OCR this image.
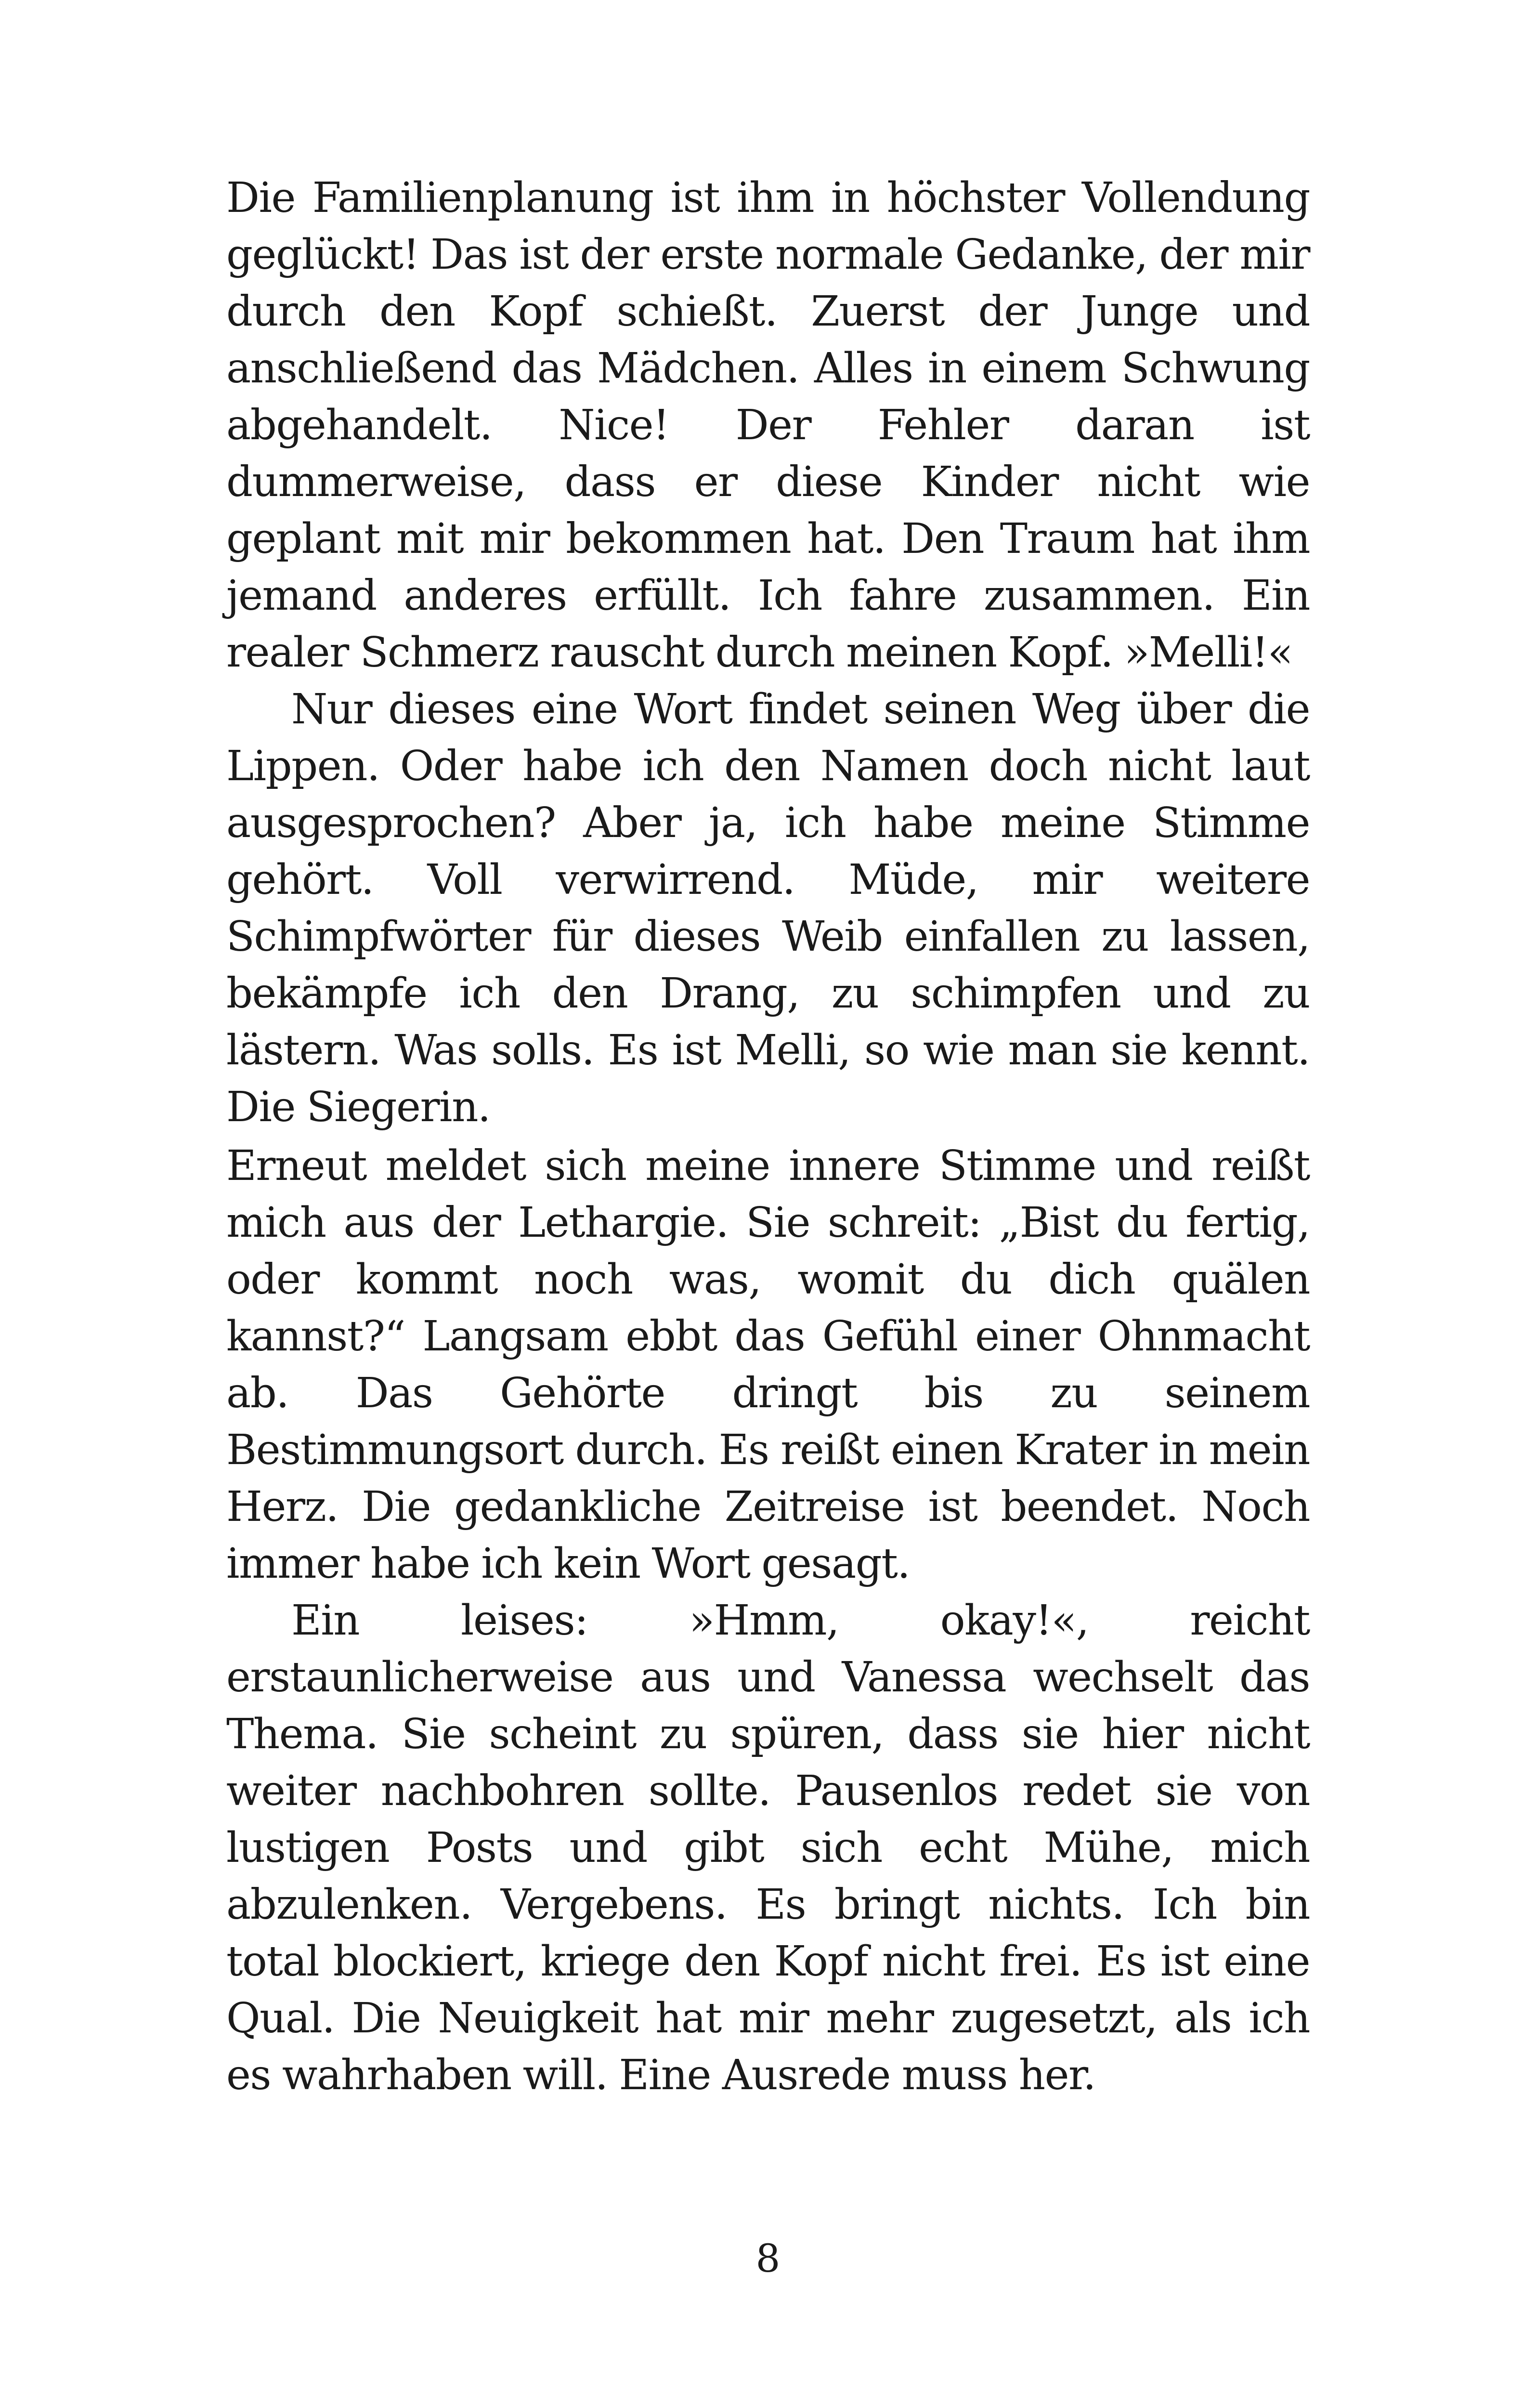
Die Familienplanung ist ihm in höchster Vollendung geglückt! Das ist der erste normale Gedanke, der mir durch den Kopf schießt. Zuerst der Junge und anschließend das Mädchen. Alles in einem Schwung abgehandelt. Nice! Der Fehler daran ist dummerweise, dass er diese Kinder nicht wie geplant mit mir bekommen hat. Den Traum hat ihm jemand anderes erfüllt. Ich fahre zusammen. Ein realer Schmerz rauscht durch meinen Kopf. »Melli!«

Nur dieses eine Wort findet seinen Weg über die Lippen. Oder habe ich den Namen doch nicht laut ausgesprochen? Aber ja, ich habe meine Stimme gehört. Voll verwirrend. Müde, mir weitere Schimpfwörter für dieses Weib einfallen zu lassen, bekämpfe ich den Drang, zu schimpfen und zu lästern. Was solls. Es ist Melli, so wie man sie kennt. Die Siegerin.

Erneut meldet sich meine innere Stimme und reißt mich aus der Lethargie. Sie schreit: „Bist du fertig, oder kommt noch was, womit du dich quälen kannst?“ Langsam ebbt das Gefühl einer Ohnmacht ab. Das Gehörte dringt bis zu seinem Bestimmungsort durch. Es reißt einen Krater in mein Herz. Die gedankliche Zeitreise ist beendet. Noch immer habe ich kein Wort gesagt.

Ein leises: »Hmm, okay!«, reicht erstaunlicherweise aus und Vanessa wechselt das Thema. Sie scheint zu spüren, dass sie hier nicht weiter nachbohren sollte. Pausenlos redet sie von lustigen Posts und gibt sich echt Mühe, mich abzulenken. Vergebens. Es bringt nichts. Ich bin total blockiert, kriege den Kopf nicht frei. Es ist eine Qual. Die Neuigkeit hat mir mehr zugesetzt, als ich es wahrhaben will. Eine Ausrede muss her.

8
